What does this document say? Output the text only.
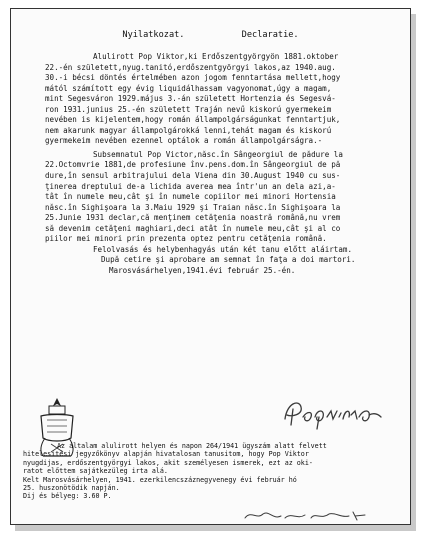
Nyilatkozat.	Declaratie.
Alulirott Pop Viktor,ki Erdőszentgyörgyön 1881.oktober
22.-én született,nyug.tanitó,erdőszentgyörgyi lakos,az 1940.aug.
30.-i bécsi döntés értelmében azon jogom fenntartása mellett,hogy
mától számított egy évig liquidálhassam vagyonomat,úgy a magam,
mint Segesváron 1929.május 3.-án született Hortenzia és Segesvá-
ron 1931.junius 25.-én született Traján nevű kiskorú gyermekeim
nevében is kijelentem,hogy román állampolgárságunkat fenntartjuk,
nem akarunk magyar állampolgárokká lenni,tehát magam és kiskorú
gyermekeim nevében ezennel optálok a román állampolgárságra.-
Subsemnatul Pop Victor,născ.în Sângeorgiul de pădure la
22.Octomvrie 1881,de profesiune înv.pens.dom.în Sângeorgiul de pă
dure,în sensul arbitrajului dela Viena din 30.August 1940 cu sus-
ţinerea dreptului de-a lichida averea mea într'un an dela azi,a-
tât în numele meu,cât şi în numele copiilor mei minori Hortensia
născ.în Sighişoara la 3.Maiu 1929 şi Traian născ.în Sighişoara la
25.Junie 1931 declar,că menţinem cetăţenia noastră română,nu vrem
să devenim cetăţeni maghiari,deci atât în numele meu,cât şi al co
piilor mei minori prin prezenta optez pentru cetăţenia română.
Felolvasás és helybenhagyás után két tanu előtt aláirtam.
După cetire şi aprobare am semnat în faţa a doi martori.
Marosvásárhelyen,1941.évi február 25.-én.
Az általam alulirott helyen és napon 264/1941 ügyszám alatt felvett
hitelesitési jegyzőkönyv alapján hivatalosan tanusitom, hogy Pop Viktor
nyugdijas, erdőszentgyörgyi lakos, akit személyesen ismerek, ezt az oki-
ratot előttem sajátkezüleg irta alá.
Kelt Marosvásárhelyen, 1941. ezerkilencszáznegyvenegy évi február hó
25. huszonötödik napján.
Dij és bélyeg: 3.60 P.
